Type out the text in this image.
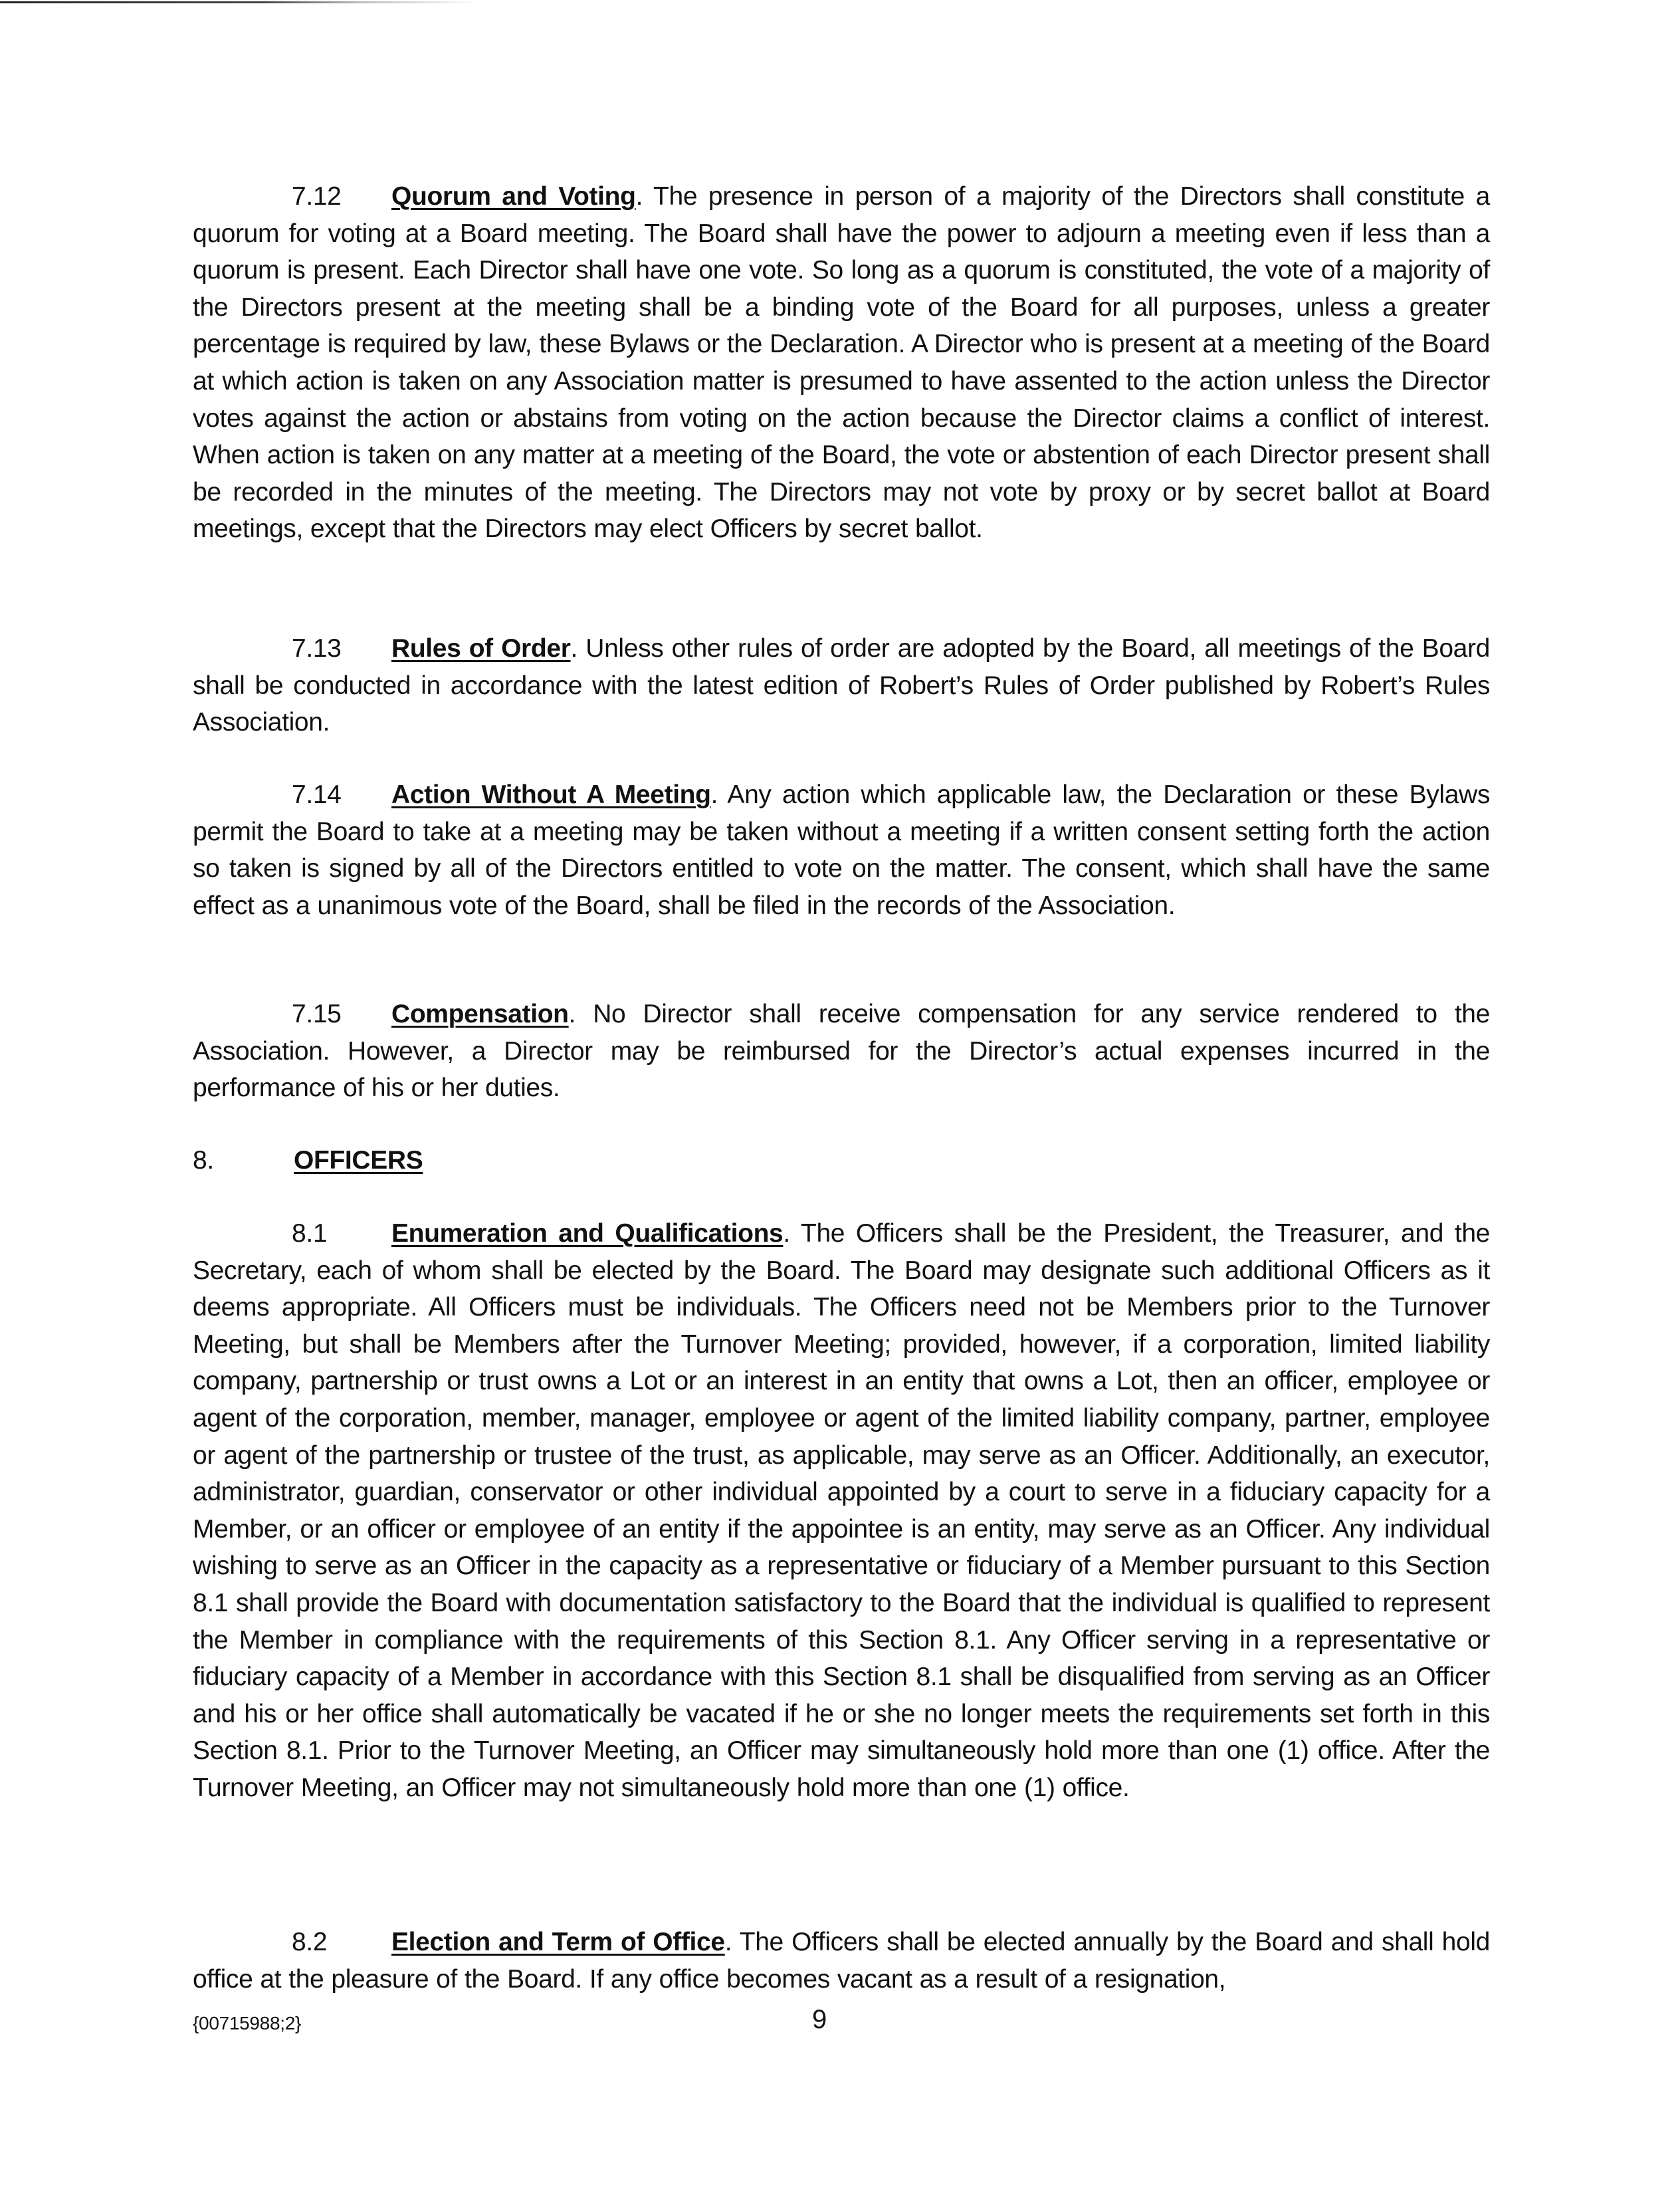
7.12 Quorum and Voting. The presence in person of a majority of the Directors shall constitute a quorum for voting at a Board meeting. The Board shall have the power to adjourn a meeting even if less than a quorum is present. Each Director shall have one vote. So long as a quorum is constituted, the vote of a majority of the Directors present at the meeting shall be a binding vote of the Board for all purposes, unless a greater percentage is required by law, these Bylaws or the Declaration. A Director who is present at a meeting of the Board at which action is taken on any Association matter is presumed to have assented to the action unless the Director votes against the action or abstains from voting on the action because the Director claims a conflict of interest. When action is taken on any matter at a meeting of the Board, the vote or abstention of each Director present shall be recorded in the minutes of the meeting. The Directors may not vote by proxy or by secret ballot at Board meetings, except that the Directors may elect Officers by secret ballot.

7.13 Rules of Order. Unless other rules of order are adopted by the Board, all meetings of the Board shall be conducted in accordance with the latest edition of Robert’s Rules of Order published by Robert’s Rules Association.

7.14 Action Without A Meeting. Any action which applicable law, the Declaration or these Bylaws permit the Board to take at a meeting may be taken without a meeting if a written consent setting forth the action so taken is signed by all of the Directors entitled to vote on the matter. The consent, which shall have the same effect as a unanimous vote of the Board, shall be filed in the records of the Association.

7.15 Compensation. No Director shall receive compensation for any service rendered to the Association. However, a Director may be reimbursed for the Director’s actual expenses incurred in the performance of his or her duties.

8.	OFFICERS

8.1 Enumeration and Qualifications. The Officers shall be the President, the Treasurer, and the Secretary, each of whom shall be elected by the Board. The Board may designate such additional Officers as it deems appropriate. All Officers must be individuals. The Officers need not be Members prior to the Turnover Meeting, but shall be Members after the Turnover Meeting; provided, however, if a corporation, limited liability company, partnership or trust owns a Lot or an interest in an entity that owns a Lot, then an officer, employee or agent of the corporation, member, manager, employee or agent of the limited liability company, partner, employee or agent of the partnership or trustee of the trust, as applicable, may serve as an Officer. Additionally, an executor, administrator, guardian, conservator or other individual appointed by a court to serve in a fiduciary capacity for a Member, or an officer or employee of an entity if the appointee is an entity, may serve as an Officer. Any individual wishing to serve as an Officer in the capacity as a representative or fiduciary of a Member pursuant to this Section 8.1 shall provide the Board with documentation satisfactory to the Board that the individual is qualified to represent the Member in compliance with the requirements of this Section 8.1. Any Officer serving in a representative or fiduciary capacity of a Member in accordance with this Section 8.1 shall be disqualified from serving as an Officer and his or her office shall automatically be vacated if he or she no longer meets the requirements set forth in this Section 8.1. Prior to the Turnover Meeting, an Officer may simultaneously hold more than one (1) office. After the Turnover Meeting, an Officer may not simultaneously hold more than one (1) office.

8.2 Election and Term of Office. The Officers shall be elected annually by the Board and shall hold office at the pleasure of the Board. If any office becomes vacant as a result of a resignation,

{00715988;2}	9
